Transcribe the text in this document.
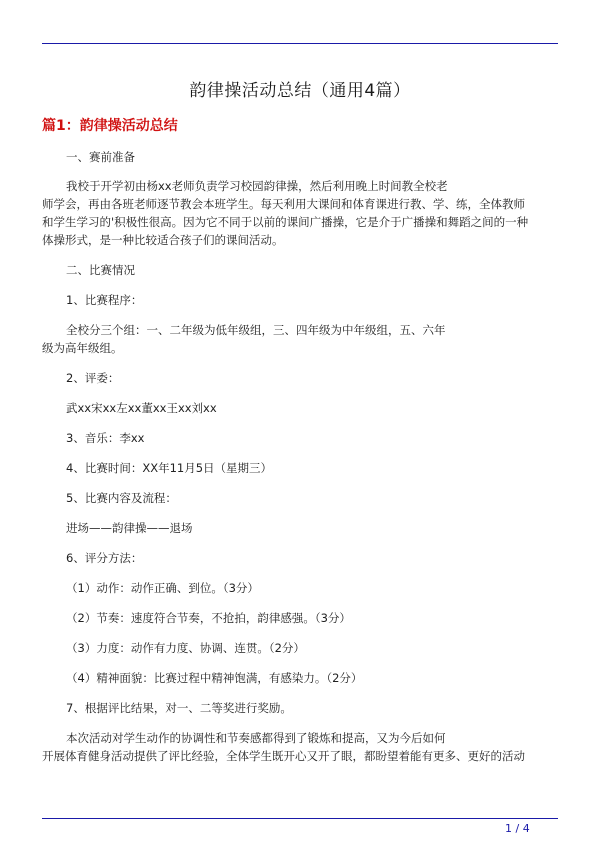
韵律操活动总结（通用4篇）
篇1：韵律操活动总结

一、赛前准备

我校于开学初由杨xx老师负责学习校园韵律操，然后利用晚上时间教全校老

师学会，再由各班老师逐节教会本班学生。每天利用大课间和体育课进行教、学、练，全体教师

和学生学习的'积极性很高。因为它不同于以前的课间广播操，它是介于广播操和舞蹈之间的一种

体操形式，是一种比较适合孩子们的课间活动。

二、比赛情况

1、比赛程序：

全校分三个组：一、二年级为低年级组，三、四年级为中年级组，五、六年

级为高年级组。

2、评委：

武xx宋xx左xx董xx王xx刘xx

3、音乐：李xx

4、比赛时间：XX年11月5日（星期三）

5、比赛内容及流程：

进场——韵律操——退场

6、评分方法：

（1）动作：动作正确、到位。（3分）

（2）节奏：速度符合节奏，不抢拍，韵律感强。（3分）

（3）力度：动作有力度、协调、连贯。（2分）

（4）精神面貌：比赛过程中精神饱满，有感染力。（2分）

7、根据评比结果，对一、二等奖进行奖励。

本次活动对学生动作的协调性和节奏感都得到了锻炼和提高，又为今后如何

开展体育健身活动提供了评比经验，全体学生既开心又开了眼，都盼望着能有更多、更好的活动

1 / 4
